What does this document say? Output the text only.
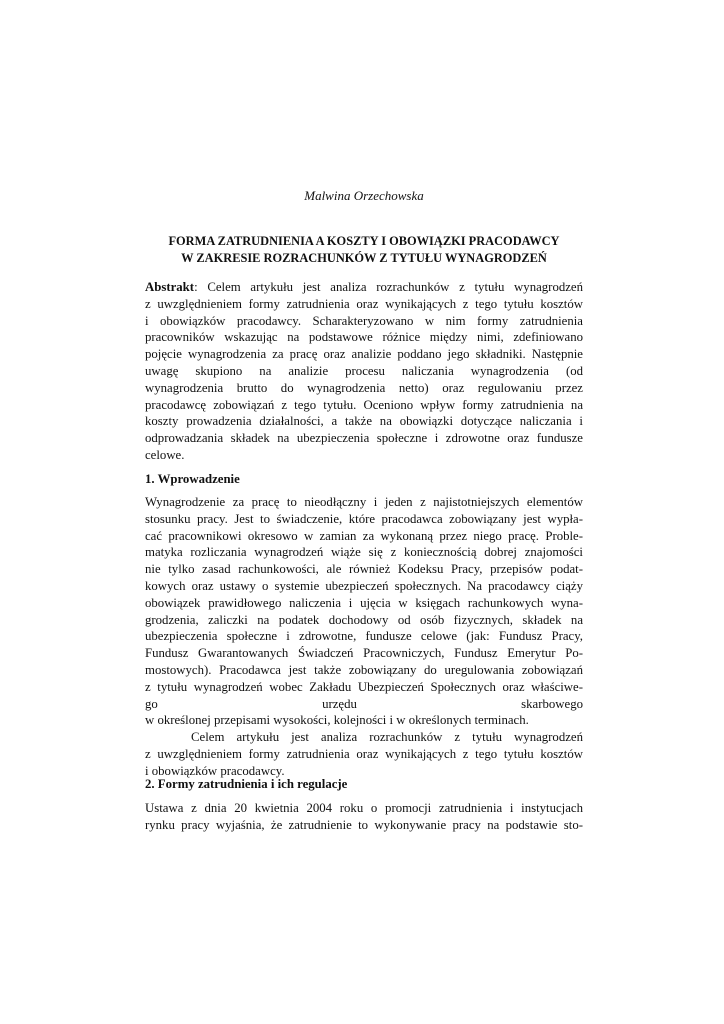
Malwina Orzechowska
FORMA ZATRUDNIENIA A KOSZTY I OBOWIĄZKI PRACODAWCY
W ZAKRESIE ROZRACHUNKÓW Z TYTUŁU WYNAGRODZEŃ
Abstrakt: Celem artykułu jest analiza rozrachunków z tytułu wynagrodzeń
z uwzględnieniem formy zatrudnienia oraz wynikających z tego tytułu kosztów
i obowiązków pracodawcy. Scharakteryzowano w nim formy zatrudnienia
pracowników wskazując na podstawowe różnice między nimi, zdefiniowano
pojęcie wynagrodzenia za pracę oraz analizie poddano jego składniki. Następnie
uwagę skupiono na analizie procesu naliczania wynagrodzenia (od
wynagrodzenia brutto do wynagrodzenia netto) oraz regulowaniu przez
pracodawcę zobowiązań z tego tytułu. Oceniono wpływ formy zatrudnienia na
koszty prowadzenia działalności, a także na obowiązki dotyczące naliczania i
odprowadzania składek na ubezpieczenia społeczne i zdrowotne oraz fundusze
celowe.
1. Wprowadzenie
Wynagrodzenie za pracę to nieodłączny i jeden z najistotniejszych elementów
stosunku pracy. Jest to świadczenie, które pracodawca zobowiązany jest wypła-
cać pracownikowi okresowo w zamian za wykonaną przez niego pracę. Proble-
matyka rozliczania wynagrodzeń wiąże się z koniecznością dobrej znajomości
nie tylko zasad rachunkowości, ale również Kodeksu Pracy, przepisów podat-
kowych oraz ustawy o systemie ubezpieczeń społecznych. Na pracodawcy ciąży
obowiązek prawidłowego naliczenia i ujęcia w księgach rachunkowych wyna-
grodzenia, zaliczki na podatek dochodowy od osób fizycznych, składek na
ubezpieczenia społeczne i zdrowotne, fundusze celowe (jak: Fundusz Pracy,
Fundusz Gwarantowanych Świadczeń Pracowniczych, Fundusz Emerytur Po-
mostowych). Pracodawca jest także zobowiązany do uregulowania zobowiązań
z tytułu wynagrodzeń wobec Zakładu Ubezpieczeń Społecznych oraz właściwe-
go urzędu skarbowego
w określonej przepisami wysokości, kolejności i w określonych terminach.
Celem artykułu jest analiza rozrachunków z tytułu wynagrodzeń
z uwzględnieniem formy zatrudnienia oraz wynikających z tego tytułu kosztów
i obowiązków pracodawcy.
2. Formy zatrudnienia i ich regulacje
Ustawa z dnia 20 kwietnia 2004 roku o promocji zatrudnienia i instytucjach
rynku pracy wyjaśnia, że zatrudnienie to wykonywanie pracy na podstawie sto-
